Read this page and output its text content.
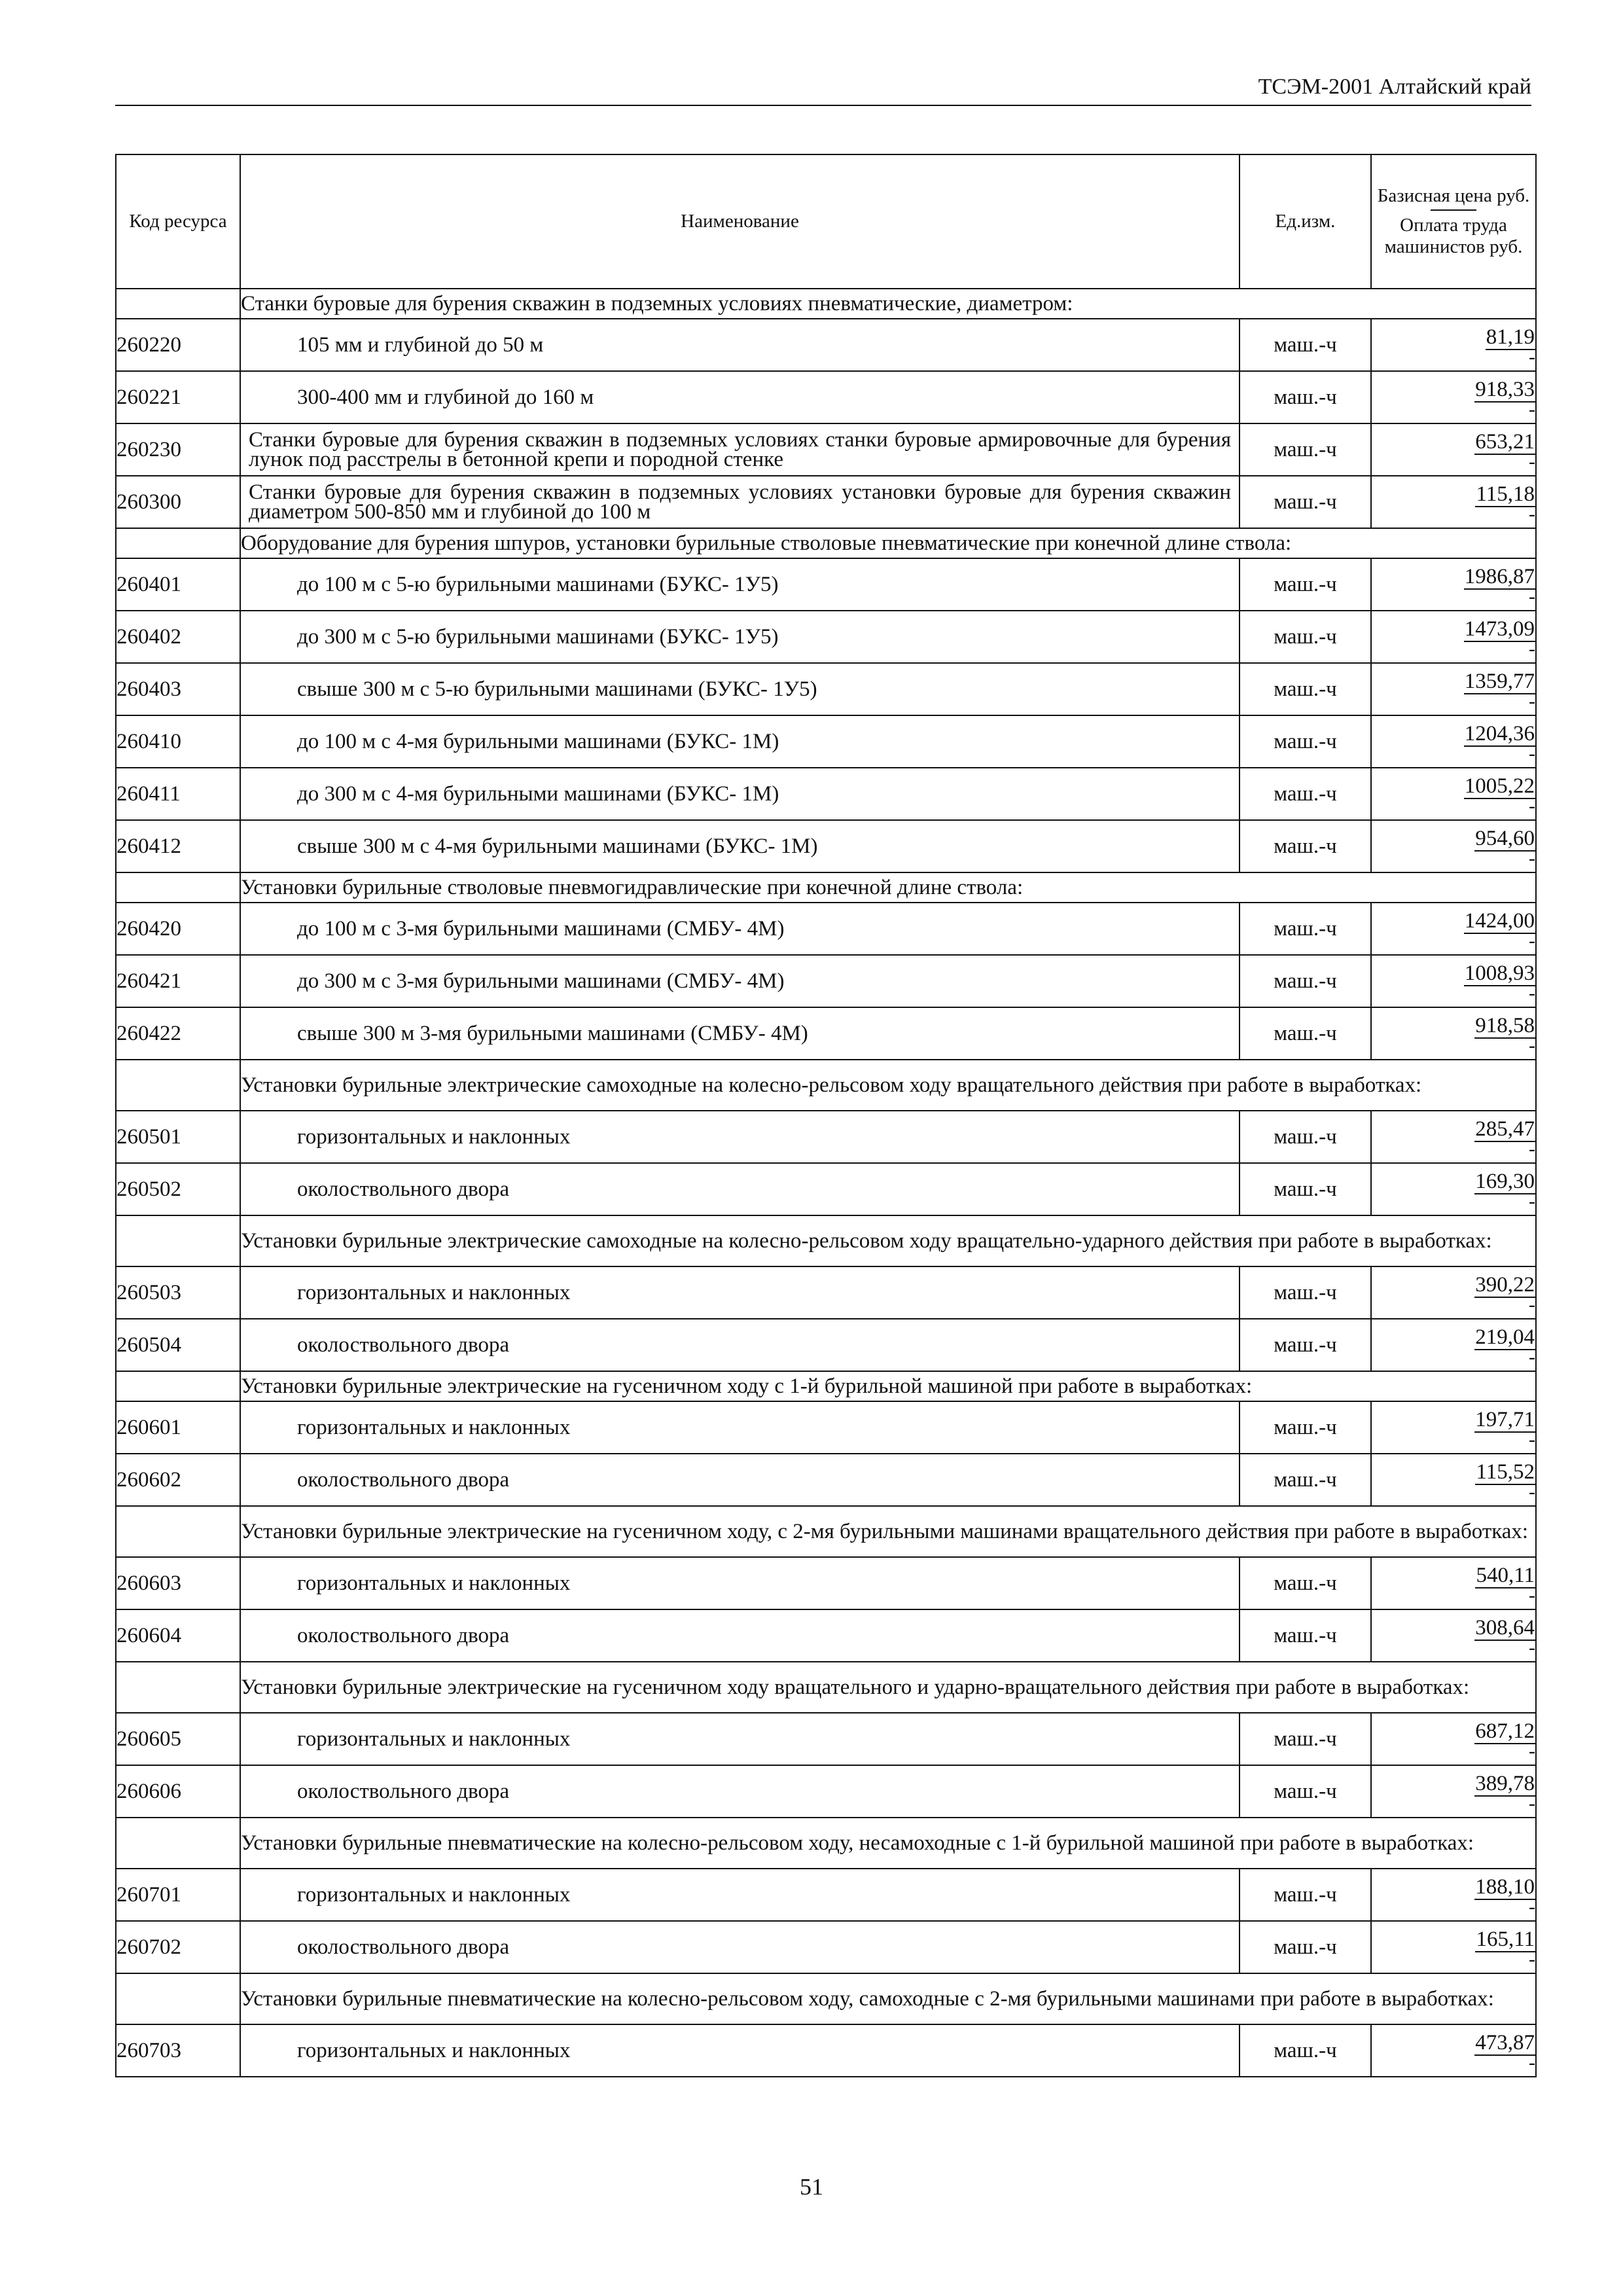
ТСЭМ-2001 Алтайский край
Код ресурса	Наименование	Ед.изм.	Базисная цена руб.
Оплата труда машинистов руб.

	Станки буровые для бурения скважин в подземных условиях пневматические, диаметром:		
260220	105 мм и глубиной до 50 м	маш.-ч	81,19
-

260221	300-400 мм и глубиной до 160 м	маш.-ч	918,33
-

260230	Станки буровые для бурения скважин в подземных условиях станки буровые армировочные для бурения лунок под расстрелы в бетонной крепи и породной стенке	маш.-ч	653,21
-

260300	Станки буровые для бурения скважин в подземных условиях установки буровые для бурения скважин диаметром 500-850 мм и глубиной до 100 м	маш.-ч	115,18
-

	Оборудование для бурения шпуров, установки бурильные стволовые пневматические при конечной длине ствола:		
260401	до 100 м с 5-ю бурильными машинами (БУКС- 1У5)	маш.-ч	1986,87
-

260402	до 300 м с 5-ю бурильными машинами (БУКС- 1У5)	маш.-ч	1473,09
-

260403	свыше 300 м с 5-ю бурильными машинами (БУКС- 1У5)	маш.-ч	1359,77
-

260410	до 100 м с 4-мя бурильными машинами (БУКС- 1М)	маш.-ч	1204,36
-

260411	до 300 м с 4-мя бурильными машинами (БУКС- 1М)	маш.-ч	1005,22
-

260412	свыше 300 м с 4-мя бурильными машинами (БУКС- 1М)	маш.-ч	954,60
-

	Установки бурильные стволовые пневмогидравлические при конечной длине ствола:		
260420	до 100 м с 3-мя бурильными машинами (СМБУ- 4М)	маш.-ч	1424,00
-

260421	до 300 м с 3-мя бурильными машинами (СМБУ- 4М)	маш.-ч	1008,93
-

260422	свыше 300 м 3-мя бурильными машинами (СМБУ- 4М)	маш.-ч	918,58
-

	Установки бурильные электрические самоходные на колесно-рельсовом ходу вращательного действия при работе в выработках:		
260501	горизонтальных и наклонных	маш.-ч	285,47
-

260502	околоствольного двора	маш.-ч	169,30
-

	Установки бурильные электрические самоходные на колесно-рельсовом ходу вращательно-ударного действия при работе в выработках:		
260503	горизонтальных и наклонных	маш.-ч	390,22
-

260504	околоствольного двора	маш.-ч	219,04
-

	Установки бурильные электрические на гусеничном ходу с 1-й бурильной машиной при работе в выработках:		
260601	горизонтальных и наклонных	маш.-ч	197,71
-

260602	околоствольного двора	маш.-ч	115,52
-

	Установки бурильные электрические на гусеничном ходу, с 2-мя бурильными машинами вращательного действия при работе в выработках:		
260603	горизонтальных и наклонных	маш.-ч	540,11
-

260604	околоствольного двора	маш.-ч	308,64
-

	Установки бурильные электрические на гусеничном ходу вращательного и ударно-вращательного действия при работе в выработках:		
260605	горизонтальных и наклонных	маш.-ч	687,12
-

260606	околоствольного двора	маш.-ч	389,78
-

	Установки бурильные пневматические на колесно-рельсовом ходу, несамоходные с 1-й бурильной машиной при работе в выработках:		
260701	горизонтальных и наклонных	маш.-ч	188,10
-

260702	околоствольного двора	маш.-ч	165,11
-

	Установки бурильные пневматические на колесно-рельсовом ходу, самоходные с 2-мя бурильными машинами при работе в выработках:		
260703	горизонтальных и наклонных	маш.-ч	473,87
-
51
